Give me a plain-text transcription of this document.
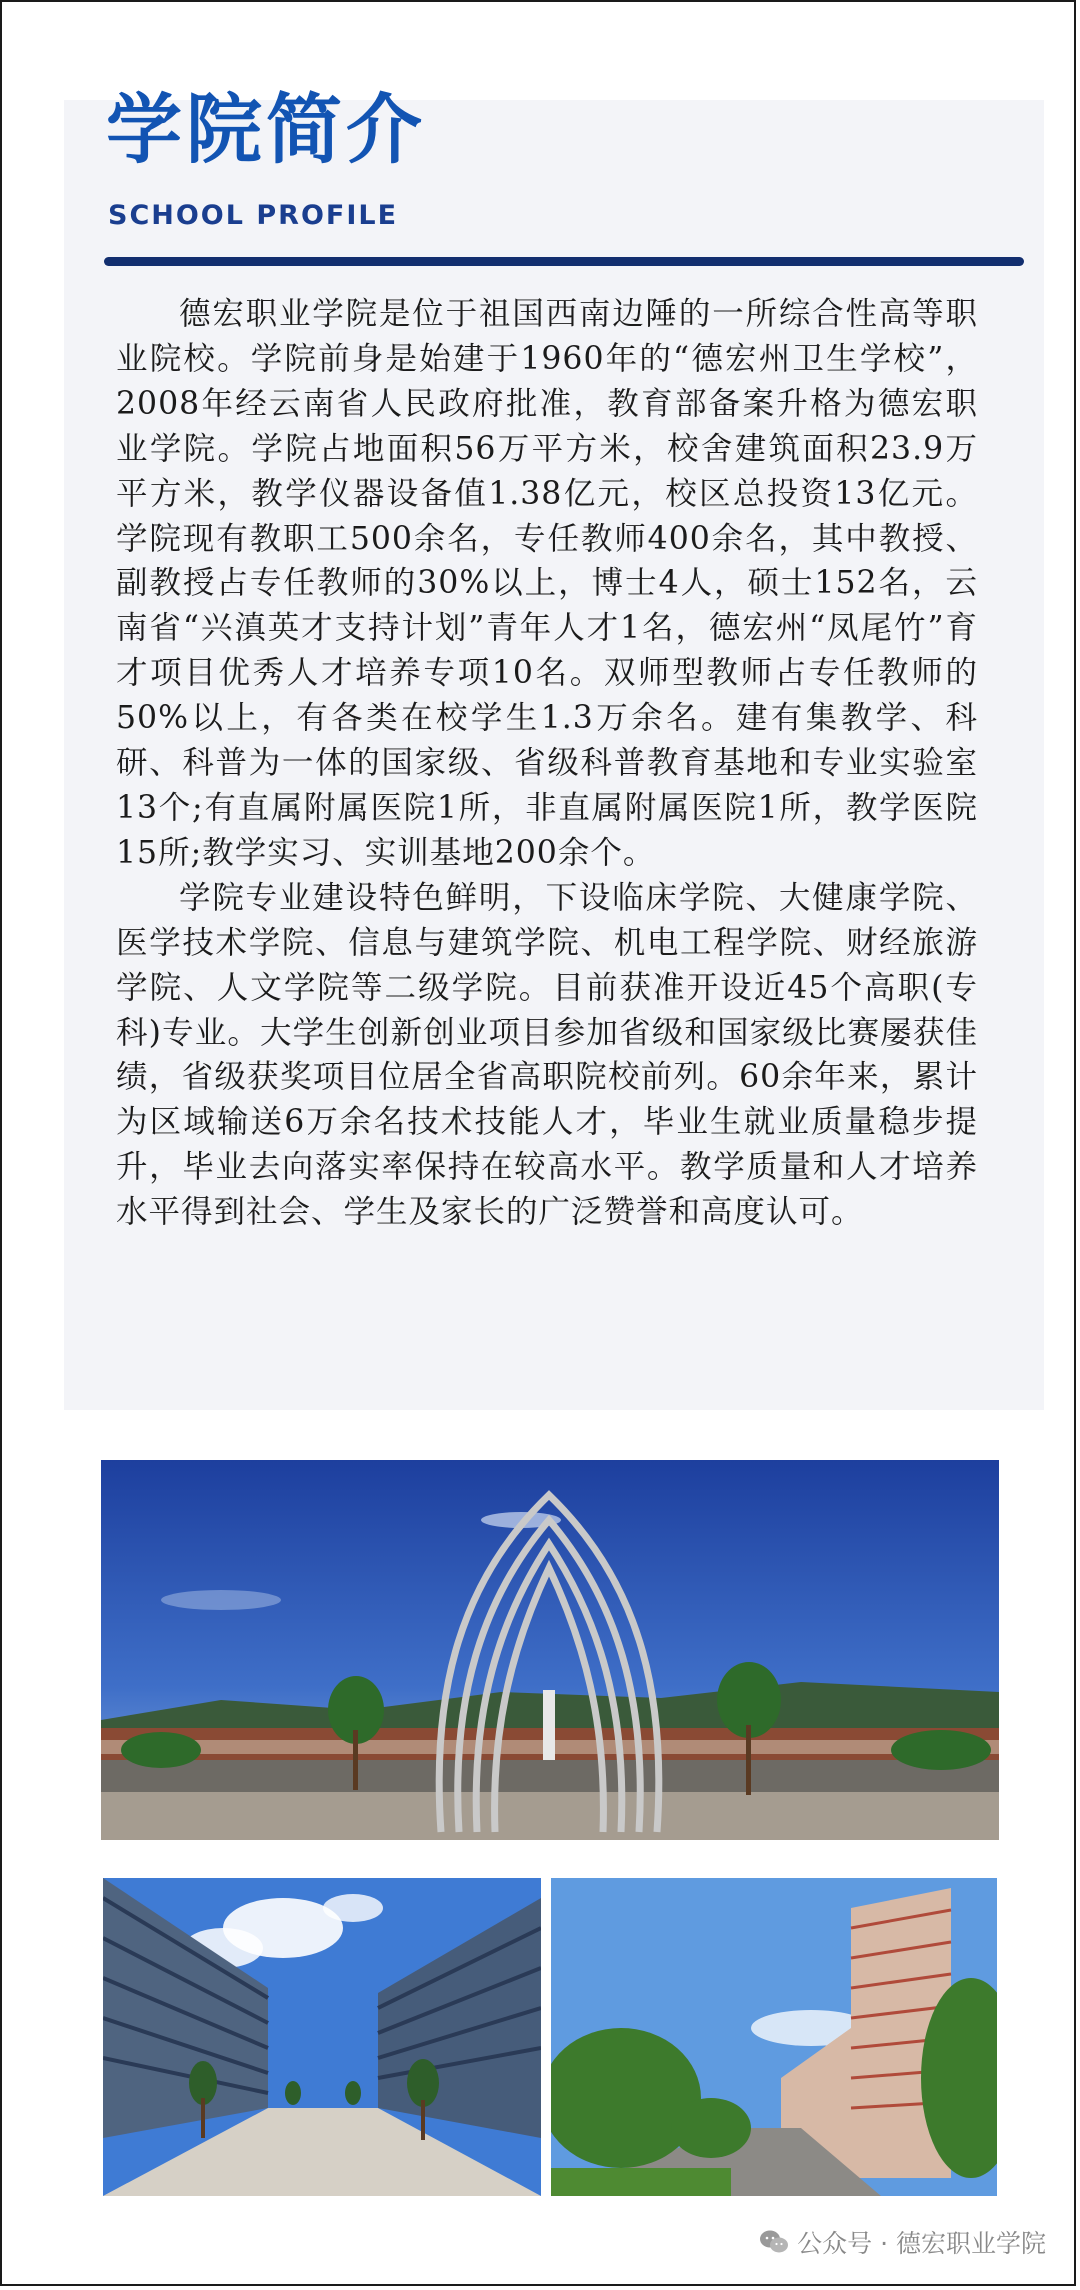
学院简介
SCHOOL PROFILE

德宏职业学院是位于祖国西南边陲的一所综合性高等职业院校。学院前身是始建于1960年的“德宏州卫生学校”，2008年经云南省人民政府批准，教育部备案升格为德宏职业学院。学院占地面积56万平方米，校舍建筑面积23.9万平方米，教学仪器设备值1.38亿元，校区总投资13亿元。学院现有教职工500余名，专任教师400余名，其中教授、副教授占专任教师的30%以上，博士4人，硕士152名，云南省“兴滇英才支持计划”青年人才1名，德宏州“凤尾竹”育才项目优秀人才培养专项10名。双师型教师占专任教师的50%以上，有各类在校学生1.3万余名。建有集教学、科研、科普为一体的国家级、省级科普教育基地和专业实验室13个;有直属附属医院1所，非直属附属医院1所，教学医院15所;教学实习、实训基地200余个。

学院专业建设特色鲜明，下设临床学院、大健康学院、医学技术学院、信息与建筑学院、机电工程学院、财经旅游学院、人文学院等二级学院。目前获准开设近45个高职(专科)专业。大学生创新创业项目参加省级和国家级比赛屡获佳绩，省级获奖项目位居全省高职院校前列。60余年来，累计为区域输送6万余名技术技能人才，毕业生就业质量稳步提升，毕业去向落实率保持在较高水平。教学质量和人才培养水平得到社会、学生及家长的广泛赞誉和高度认可。

公众号 · 德宏职业学院
